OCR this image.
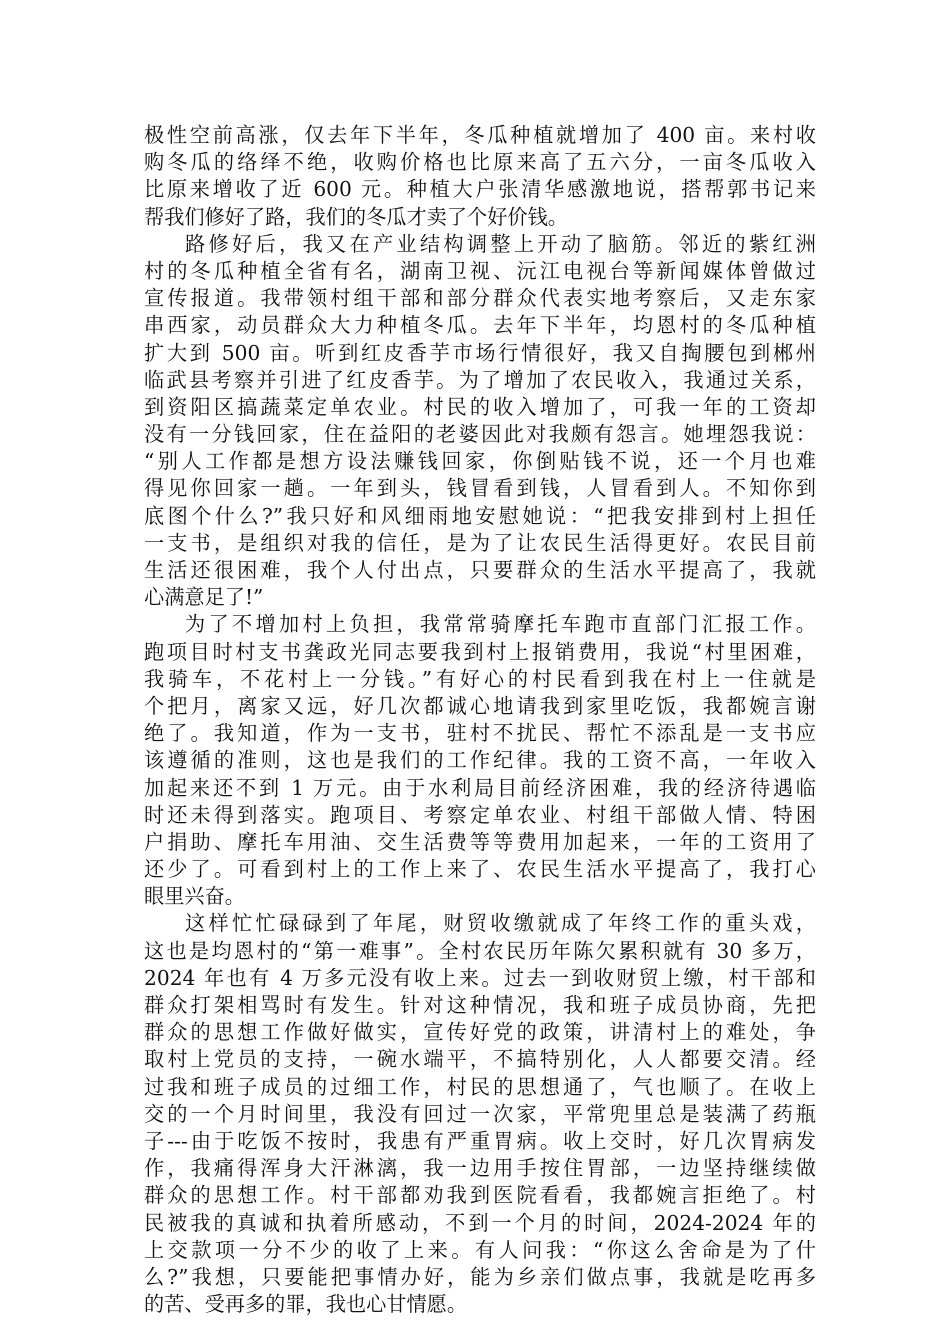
极性空前高涨，仅去年下半年，冬瓜种植就增加了 400 亩。来村收
购冬瓜的络绎不绝，收购价格也比原来高了五六分，一亩冬瓜收入
比原来增收了近 600 元。种植大户张清华感激地说，搭帮郭书记来
帮我们修好了路，我们的冬瓜才卖了个好价钱。
路修好后，我又在产业结构调整上开动了脑筋。邻近的紫红洲
村的冬瓜种植全省有名，湖南卫视、沅江电视台等新闻媒体曾做过
宣传报道。我带领村组干部和部分群众代表实地考察后，又走东家
串西家，动员群众大力种植冬瓜。去年下半年，均恩村的冬瓜种植
扩大到 500 亩。听到红皮香芋市场行情很好，我又自掏腰包到郴州
临武县考察并引进了红皮香芋。为了增加了农民收入，我通过关系，
到资阳区搞蔬菜定单农业。村民的收入增加了，可我一年的工资却
没有一分钱回家，住在益阳的老婆因此对我颇有怨言。她埋怨我说：
“别人工作都是想方设法赚钱回家，你倒贴钱不说，还一个月也难
得见你回家一趟。一年到头，钱冒看到钱，人冒看到人。不知你到
底图个什么?”我只好和风细雨地安慰她说：“把我安排到村上担任
一支书，是组织对我的信任，是为了让农民生活得更好。农民目前
生活还很困难，我个人付出点，只要群众的生活水平提高了，我就
心满意足了!”
为了不增加村上负担，我常常骑摩托车跑市直部门汇报工作。
跑项目时村支书龚政光同志要我到村上报销费用，我说“村里困难，
我骑车，不花村上一分钱。”有好心的村民看到我在村上一住就是
个把月，离家又远，好几次都诚心地请我到家里吃饭，我都婉言谢
绝了。我知道，作为一支书，驻村不扰民、帮忙不添乱是一支书应
该遵循的准则，这也是我们的工作纪律。我的工资不高，一年收入
加起来还不到 1 万元。由于水利局目前经济困难，我的经济待遇临
时还未得到落实。跑项目、考察定单农业、村组干部做人情、特困
户捐助、摩托车用油、交生活费等等费用加起来，一年的工资用了
还少了。可看到村上的工作上来了、农民生活水平提高了，我打心
眼里兴奋。
这样忙忙碌碌到了年尾，财贸收缴就成了年终工作的重头戏，
这也是均恩村的“第一难事”。全村农民历年陈欠累积就有 30 多万，
2024 年也有 4 万多元没有收上来。过去一到收财贸上缴，村干部和
群众打架相骂时有发生。针对这种情况，我和班子成员协商，先把
群众的思想工作做好做实，宣传好党的政策，讲清村上的难处，争
取村上党员的支持，一碗水端平，不搞特别化，人人都要交清。经
过我和班子成员的过细工作，村民的思想通了，气也顺了。在收上
交的一个月时间里，我没有回过一次家，平常兜里总是装满了药瓶
子---由于吃饭不按时，我患有严重胃病。收上交时，好几次胃病发
作，我痛得浑身大汗淋漓，我一边用手按住胃部，一边坚持继续做
群众的思想工作。村干部都劝我到医院看看，我都婉言拒绝了。村
民被我的真诚和执着所感动，不到一个月的时间，2024-2024 年的
上交款项一分不少的收了上来。有人问我：“你这么舍命是为了什
么?”我想，只要能把事情办好，能为乡亲们做点事，我就是吃再多
的苦、受再多的罪，我也心甘情愿。
